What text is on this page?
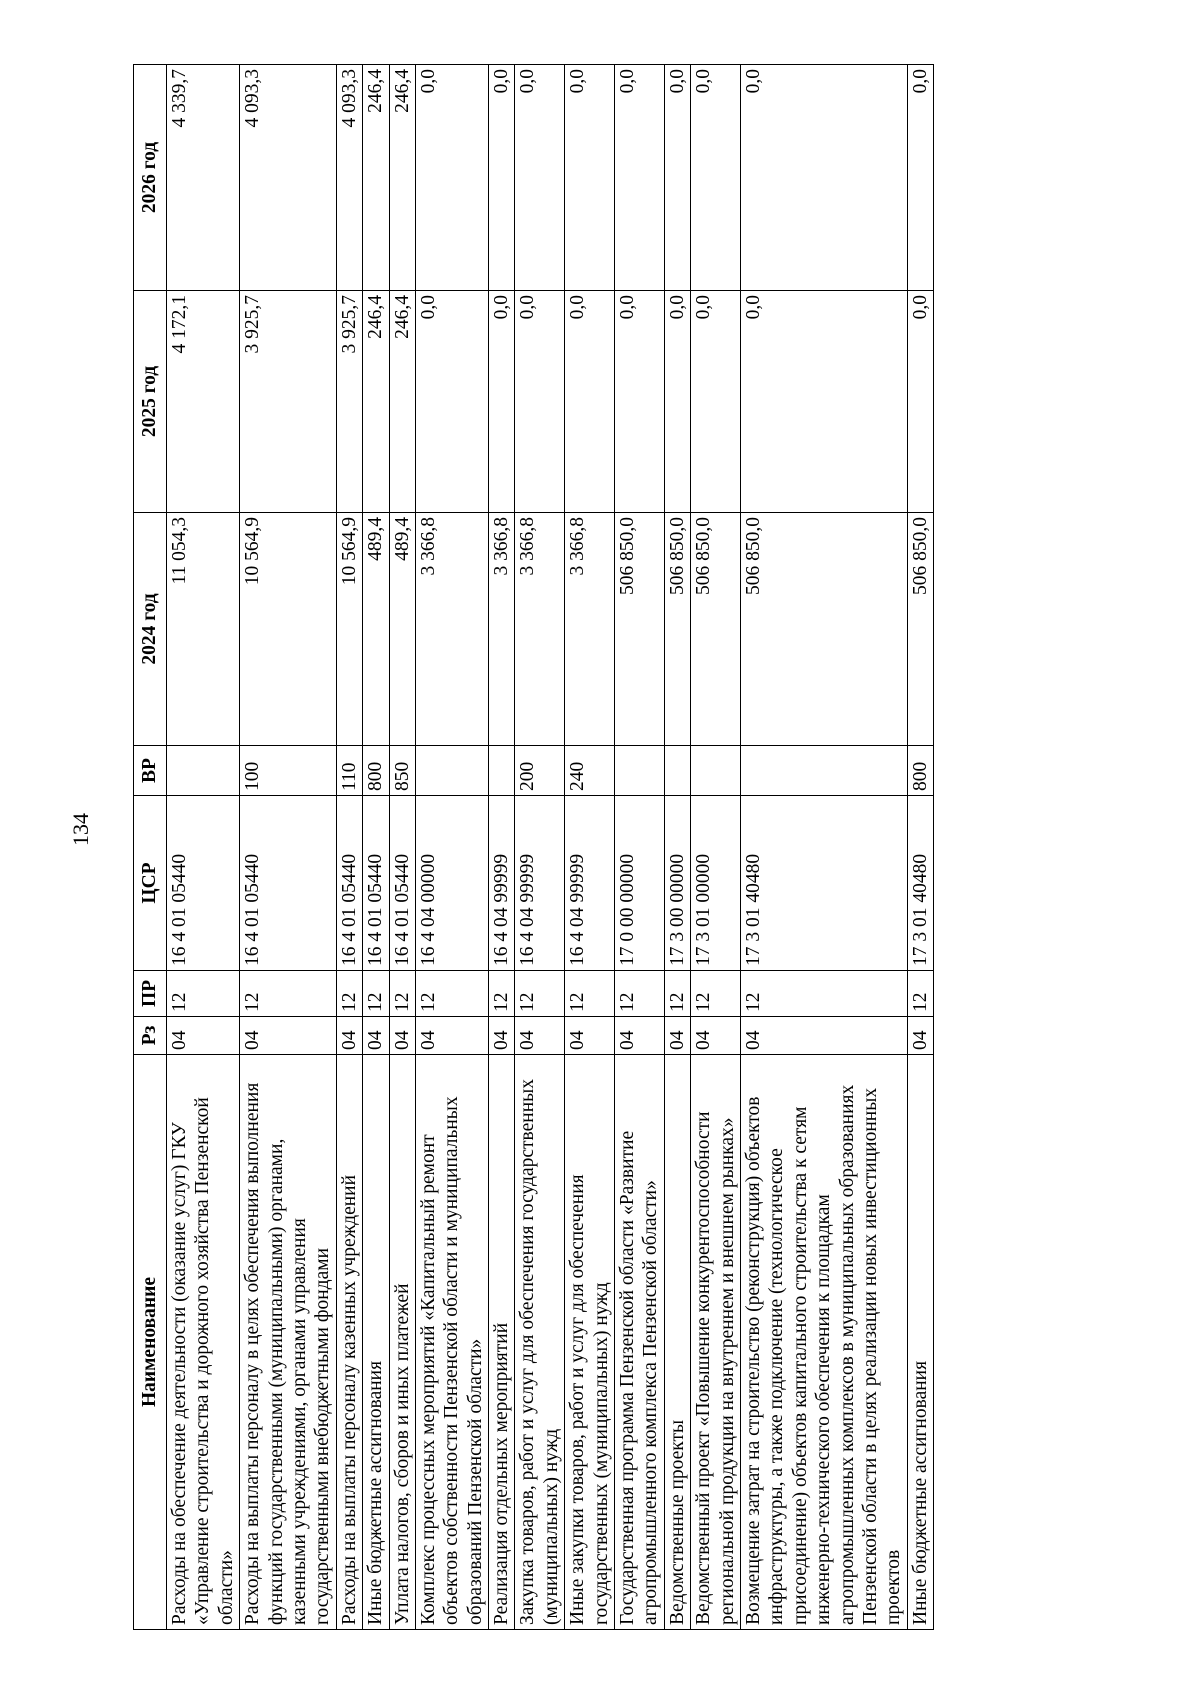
134
Наименование	Рз	ПР	ЦСР	ВР	2024 год	2025 год	2026 год
Расходы на обеспечение деятельности (оказание услуг) ГКУ «Управление строительства и дорожного хозяйства Пензенской области»	04	12	16 4 01 05440		11 054,3	4 172,1	4 339,7
Расходы на выплаты персоналу в целях обеспечения выполнения функций государственными (муниципальными) органами, казенными учреждениями, органами управления государственными внебюджетными фондами	04	12	16 4 01 05440	100	10 564,9	3 925,7	4 093,3
Расходы на выплаты персоналу казенных учреждений	04	12	16 4 01 05440	110	10 564,9	3 925,7	4 093,3
Иные бюджетные ассигнования	04	12	16 4 01 05440	800	489,4	246,4	246,4
Уплата налогов, сборов и иных платежей	04	12	16 4 01 05440	850	489,4	246,4	246,4
Комплекс процессных мероприятий «Капитальный ремонт объектов собственности Пензенской области и муниципальных образований Пензенской области»	04	12	16 4 04 00000		3 366,8	0,0	0,0
Реализация отдельных мероприятий	04	12	16 4 04 99999		3 366,8	0,0	0,0
Закупка товаров, работ и услуг для обеспечения государственных (муниципальных) нужд	04	12	16 4 04 99999	200	3 366,8	0,0	0,0
Иные закупки товаров, работ и услуг для обеспечения государственных (муниципальных) нужд	04	12	16 4 04 99999	240	3 366,8	0,0	0,0
Государственная программа Пензенской области «Развитие агропромышленного комплекса Пензенской области»	04	12	17 0 00 00000		506 850,0	0,0	0,0
Ведомственные проекты	04	12	17 3 00 00000		506 850,0	0,0	0,0
Ведомственный проект «Повышение конкурентоспособности региональной продукции на внутреннем и внешнем рынках»	04	12	17 3 01 00000		506 850,0	0,0	0,0
Возмещение затрат на строительство (реконструкция) объектов инфраструктуры, а также подключение (технологическое присоединение) объектов капитального строительства к сетям инженерно-технического обеспечения к площадкам агропромышленных комплексов в муниципальных образованиях Пензенской области в целях реализации новых инвестиционных проектов	04	12	17 3 01 40480		506 850,0	0,0	0,0
Иные бюджетные ассигнования	04	12	17 3 01 40480	800	506 850,0	0,0	0,0
